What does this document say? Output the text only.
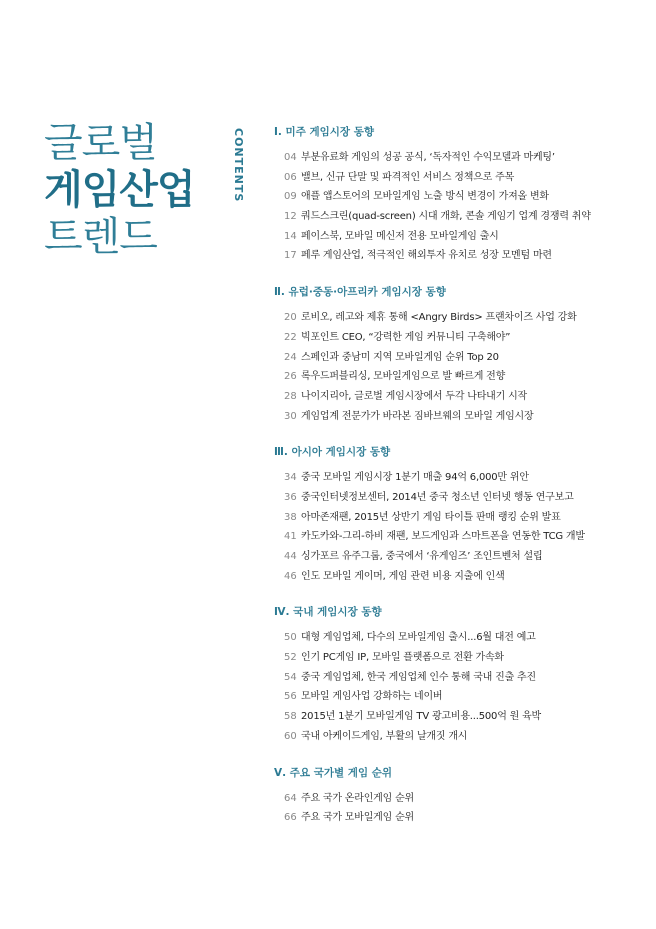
글로벌
게임산업
트렌드
CONTENTS	Ⅰ. 미주 게임시장 동향
04 부분유료화 게임의 성공 공식, ‘독자적인 수익모델과 마케팅’
06 밸브, 신규 단말 및 파격적인 서비스 정책으로 주목
09 애플 앱스토어의 모바일게임 노출 방식 변경이 가져올 변화
12 쿼드스크린(quad-screen) 시대 개화, 콘솔 게임기 업계 경쟁력 취약
14 페이스북, 모바일 메신저 전용 모바일게임 출시
17 페루 게임산업, 적극적인 해외투자 유치로 성장 모멘텀 마련
Ⅱ. 유럽·중동·아프리카 게임시장 동향
20 로비오, 레고와 제휴 통해 <Angry Birds> 프랜차이즈 사업 강화
22 빅포인트 CEO, “강력한 게임 커뮤니티 구축해야”
24 스페인과 중남미 지역 모바일게임 순위 Top 20
26 록우드퍼블리싱, 모바일게임으로 발 빠르게 전향
28 나이지리아, 글로벌 게임시장에서 두각 나타내기 시작
30 게임업계 전문가가 바라본 짐바브웨의 모바일 게임시장
Ⅲ. 아시아 게임시장 동향
34 중국 모바일 게임시장 1분기 매출 94억 6,000만 위안
36 중국인터넷정보센터, 2014년 중국 청소년 인터넷 행동 연구보고
38 아마존재팬, 2015년 상반기 게임 타이틀 판매 랭킹 순위 발표
41 카도카와-그리-하비 재팬, 보드게임과 스마트폰을 연동한 TCG 개발
44 싱가포르 유주그룹, 중국에서 ‘유게임즈’ 조인트벤처 설립
46 인도 모바일 게이머, 게임 관련 비용 지출에 인색
Ⅳ. 국내 게임시장 동향
50 대형 게임업체, 다수의 모바일게임 출시...6월 대전 예고
52 인기 PC게임 IP, 모바일 플랫폼으로 전환 가속화
54 중국 게임업체, 한국 게임업체 인수 통해 국내 진출 추진
56 모바일 게임사업 강화하는 네이버
58 2015년 1분기 모바일게임 TV 광고비용...500억 원 육박
60 국내 아케이드게임, 부활의 날개짓 개시
Ⅴ. 주요 국가별 게임 순위
64 주요 국가 온라인게임 순위
66 주요 국가 모바일게임 순위
